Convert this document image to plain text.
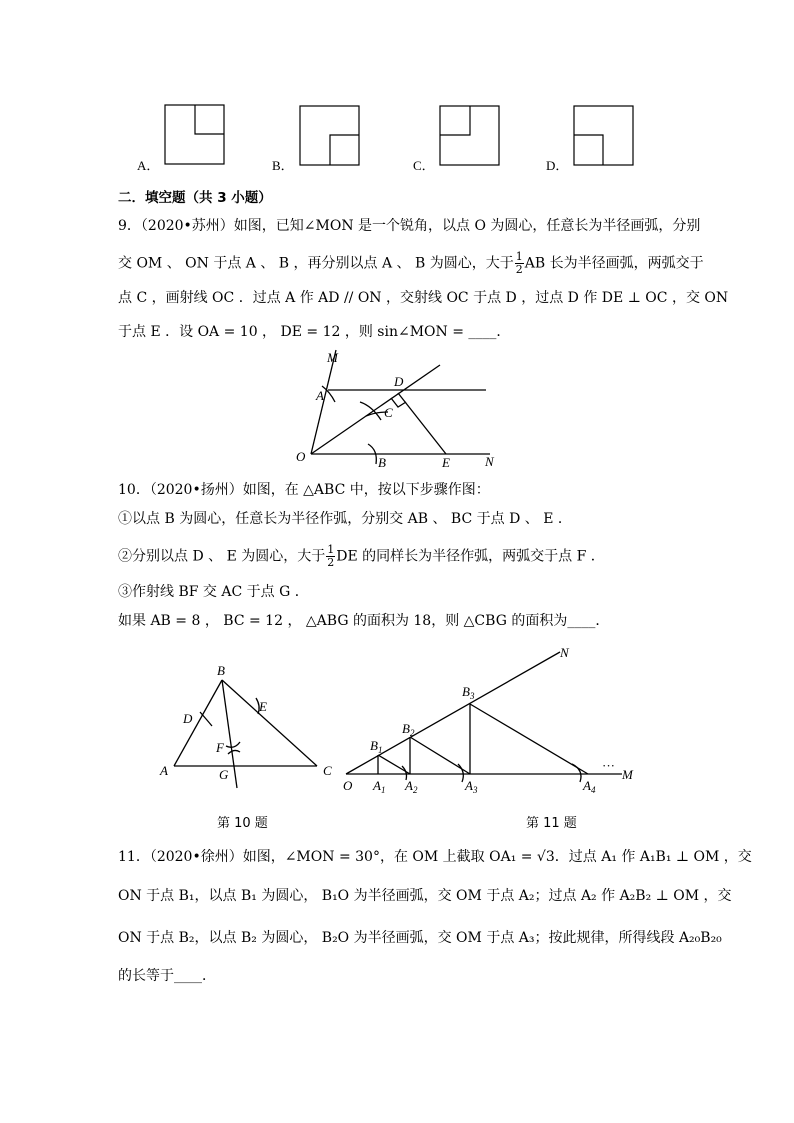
A．	B．	C．	D．
二．填空题（共 3 小题）
9．（2020•苏州）如图，已知∠MON 是一个锐角，以点 O 为圆心，任意长为半径画弧，分别
交 OM 、 ON 于点 A 、 B ，再分别以点 A 、 B 为圆心，大于 $\frac{1}{2}$ AB 长为半径画弧，两弧交于
点 C ，画射线 OC ．过点 A 作 AD // ON ，交射线 OC 于点 D ，过点 D 作 DE ⊥ OC ，交 ON
于点 E ．设 OA = 10 ， DE = 12 ，则 sin∠MON = ____．
M
A
D
C
O	B	E	N
10．（2020•扬州）如图，在 △ABC 中，按以下步骤作图：
①以点 B 为圆心，任意长为半径作弧，分别交 AB 、 BC 于点 D 、 E ．
②分别以点 D 、 E 为圆心，大于 $\frac{1}{2}$ DE 的同样长为半径作弧，两弧交于点 F ．
③作射线 BF 交 AC 于点 G ．
如果 AB = 8 ， BC = 12 ， △ABG 的面积为 18，则 △CBG 的面积为____．
B
D
E
F
A	G	C
N
$B_3$
$B_2$
$B_1$
O $A_1$ $A_2$	$A_3$	$A_4$
···
M
第 10 题	第 11 题
11．（2020•徐州）如图，∠MON = 30°，在 OM 上截取 OA₁ = √3．过点 A₁ 作 A₁B₁ ⊥ OM ，交
ON 于点 B₁，以点 B₁ 为圆心， B₁O 为半径画弧，交 OM 于点 A₂；过点 A₂ 作 A₂B₂ ⊥ OM ，交
ON 于点 B₂，以点 B₂ 为圆心， B₂O 为半径画弧，交 OM 于点 A₃；按此规律，所得线段 A₂₀B₂₀
的长等于____．
